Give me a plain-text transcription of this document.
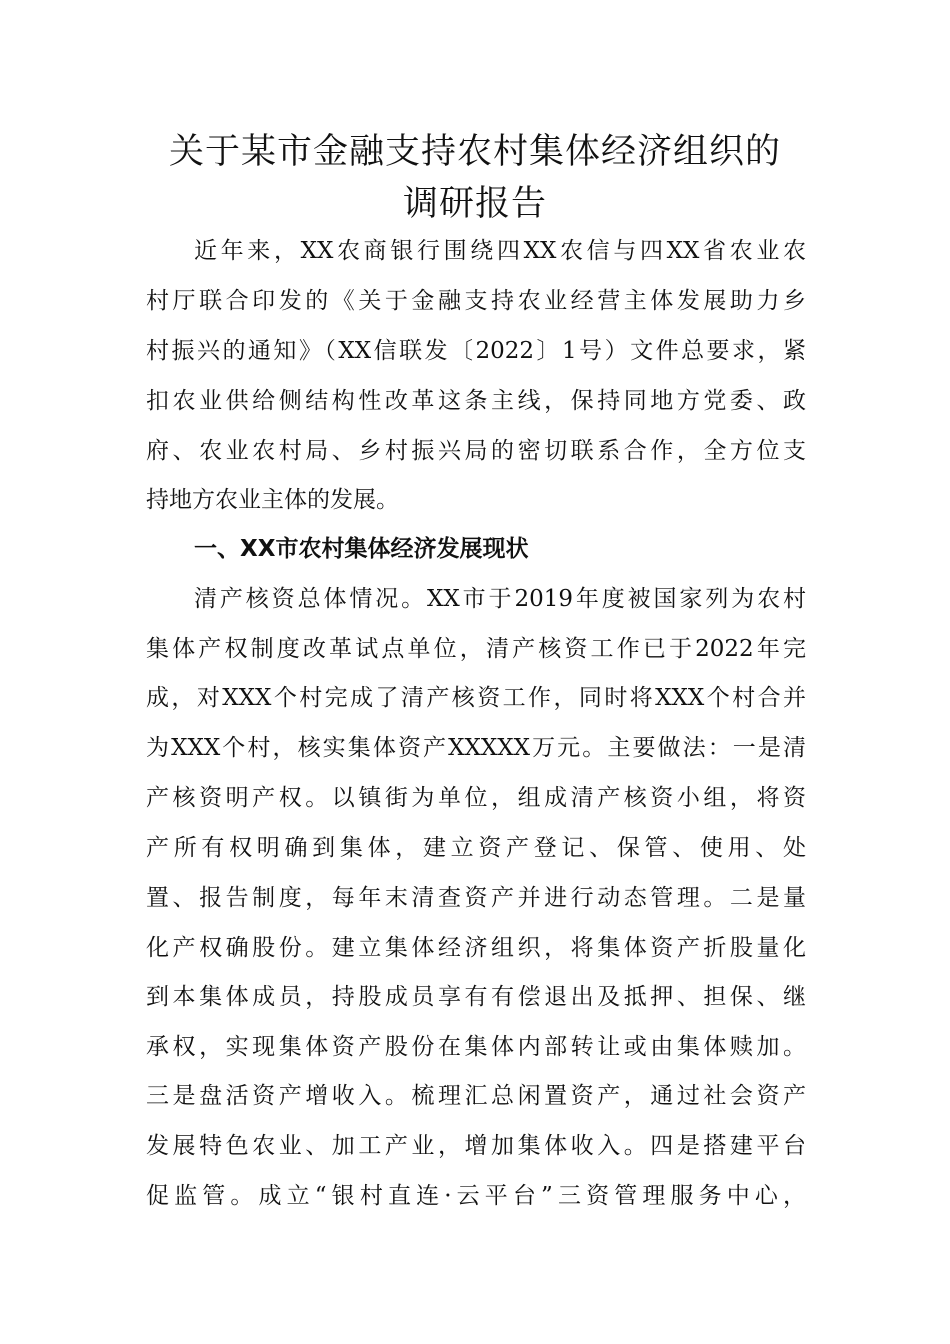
关于某市金融支持农村集体经济组织的
调研报告
近年来，XX农商银行围绕四XX农信与四XX省农业农
村厅联合印发的《关于金融支持农业经营主体发展助力乡
村振兴的通知》（XX信联发〔2022〕1号）文件总要求，紧
扣农业供给侧结构性改革这条主线，保持同地方党委、政
府、农业农村局、乡村振兴局的密切联系合作，全方位支
持地方农业主体的发展。
一、XX市农村集体经济发展现状
清产核资总体情况。XX市于2019年度被国家列为农村
集体产权制度改革试点单位，清产核资工作已于2022年完
成，对XXX个村完成了清产核资工作，同时将XXX个村合并
为XXX个村，核实集体资产XXXXX万元。主要做法：一是清
产核资明产权。以镇街为单位，组成清产核资小组，将资
产所有权明确到集体，建立资产登记、保管、使用、处
置、报告制度，每年末清查资产并进行动态管理。二是量
化产权确股份。建立集体经济组织，将集体资产折股量化
到本集体成员，持股成员享有有偿退出及抵押、担保、继
承权，实现集体资产股份在集体内部转让或由集体赎加。
三是盘活资产增收入。梳理汇总闲置资产，通过社会资产
发展特色农业、加工产业，增加集体收入。四是搭建平台
促监管。成立“银村直连·云平台”三资管理服务中心，
